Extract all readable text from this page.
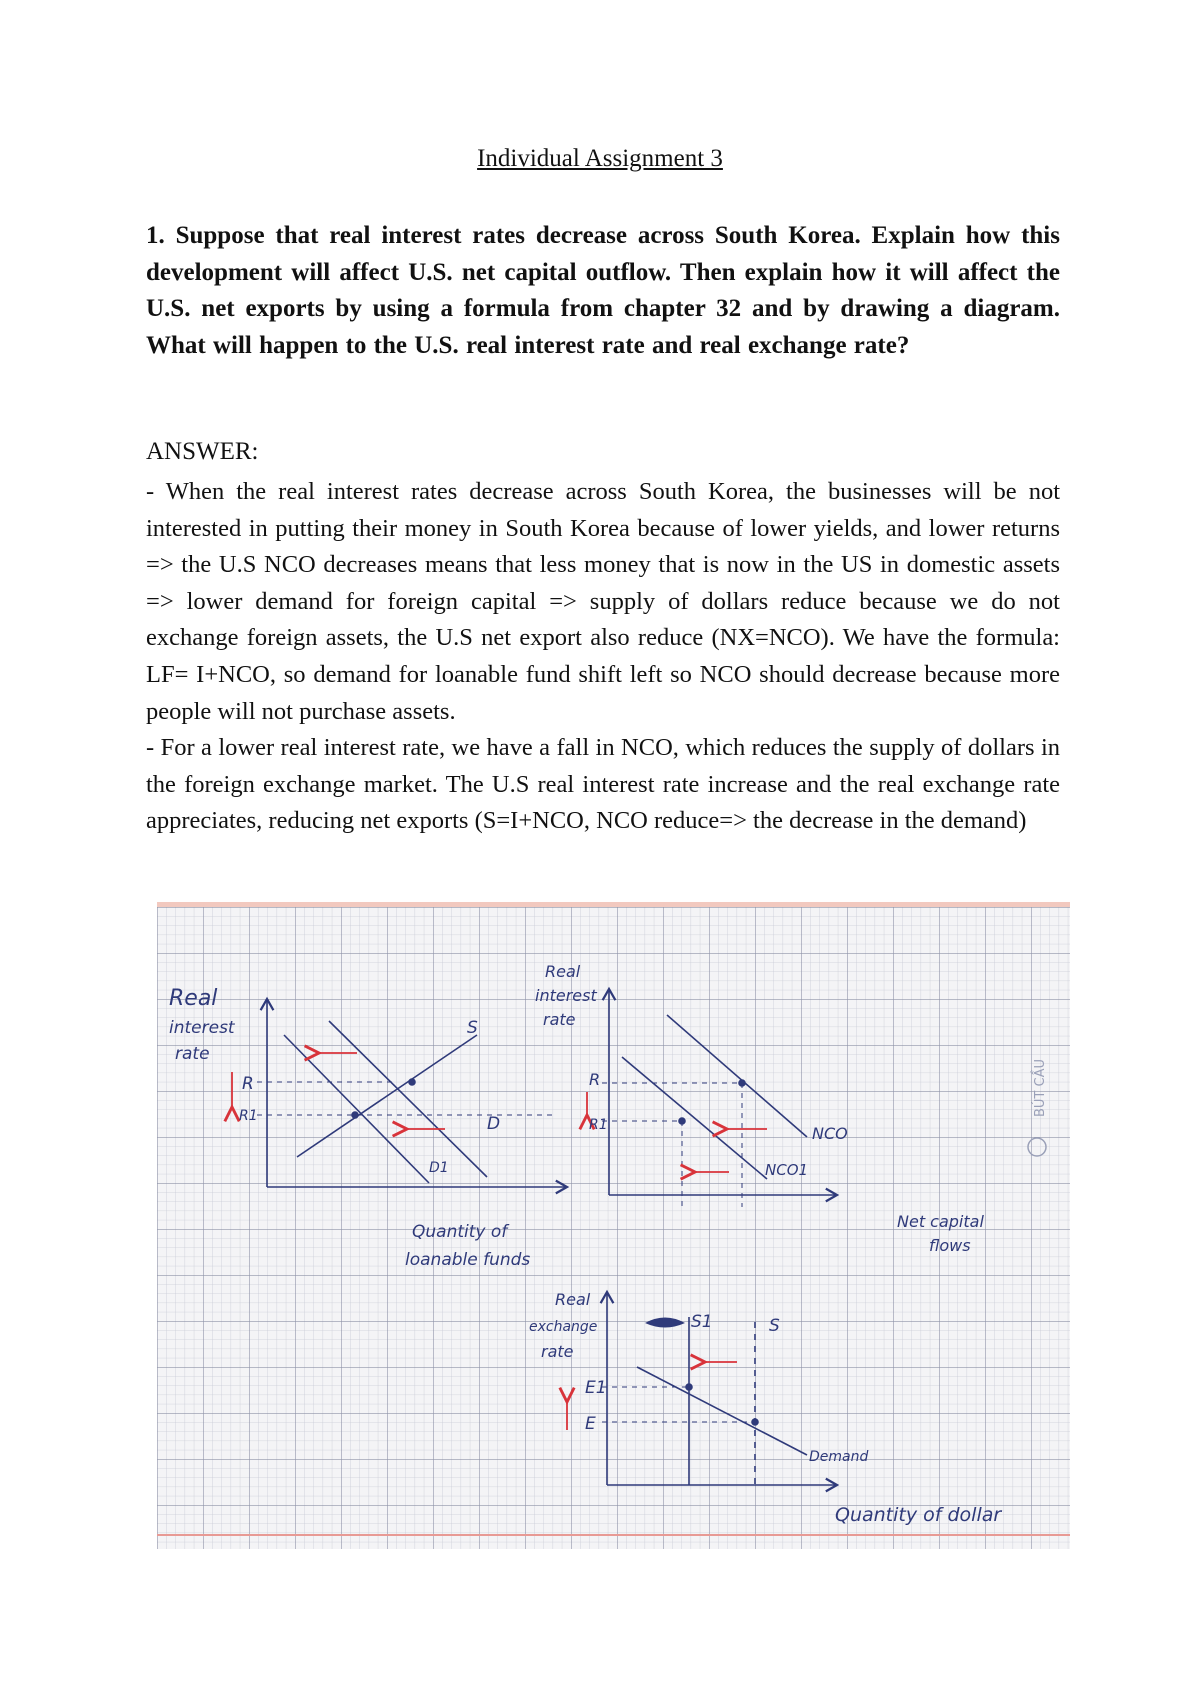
Individual Assignment 3
1. Suppose that real interest rates decrease across South Korea. Explain how this development will affect U.S. net capital outflow. Then explain how it will affect the U.S. net exports by using a formula from chapter 32 and by drawing a diagram. What will happen to the U.S. real interest rate and real exchange rate?
ANSWER:

- When the real interest rates decrease across South Korea, the businesses will be not interested in putting their money in South Korea because of lower yields, and lower returns => the U.S NCO decreases means that less money that is now in the US in domestic assets => lower demand for foreign capital => supply of dollars reduce because we do not exchange foreign assets, the U.S net export also reduce (NX=NCO). We have the formula: LF= I+NCO, so demand for loanable fund shift left so NCO should decrease because more people will not purchase assets.

- For a lower real interest rate, we have a fall in NCO, which reduces the supply of dollars in the foreign exchange market. The U.S real interest rate increase and the real exchange rate appreciates, reducing net exports (S=I+NCO, NCO reduce=> the decrease in the demand)

Real
interest
rate
R
R1
S
D
D1
Quantity of
loanable funds
Real
interest
rate
R
R1	NCO
NCO1
Net capital
flows
Real
exchange
rate
E1
E
S1	S
Demand
Quantity of dollar
BÚT CẦU
